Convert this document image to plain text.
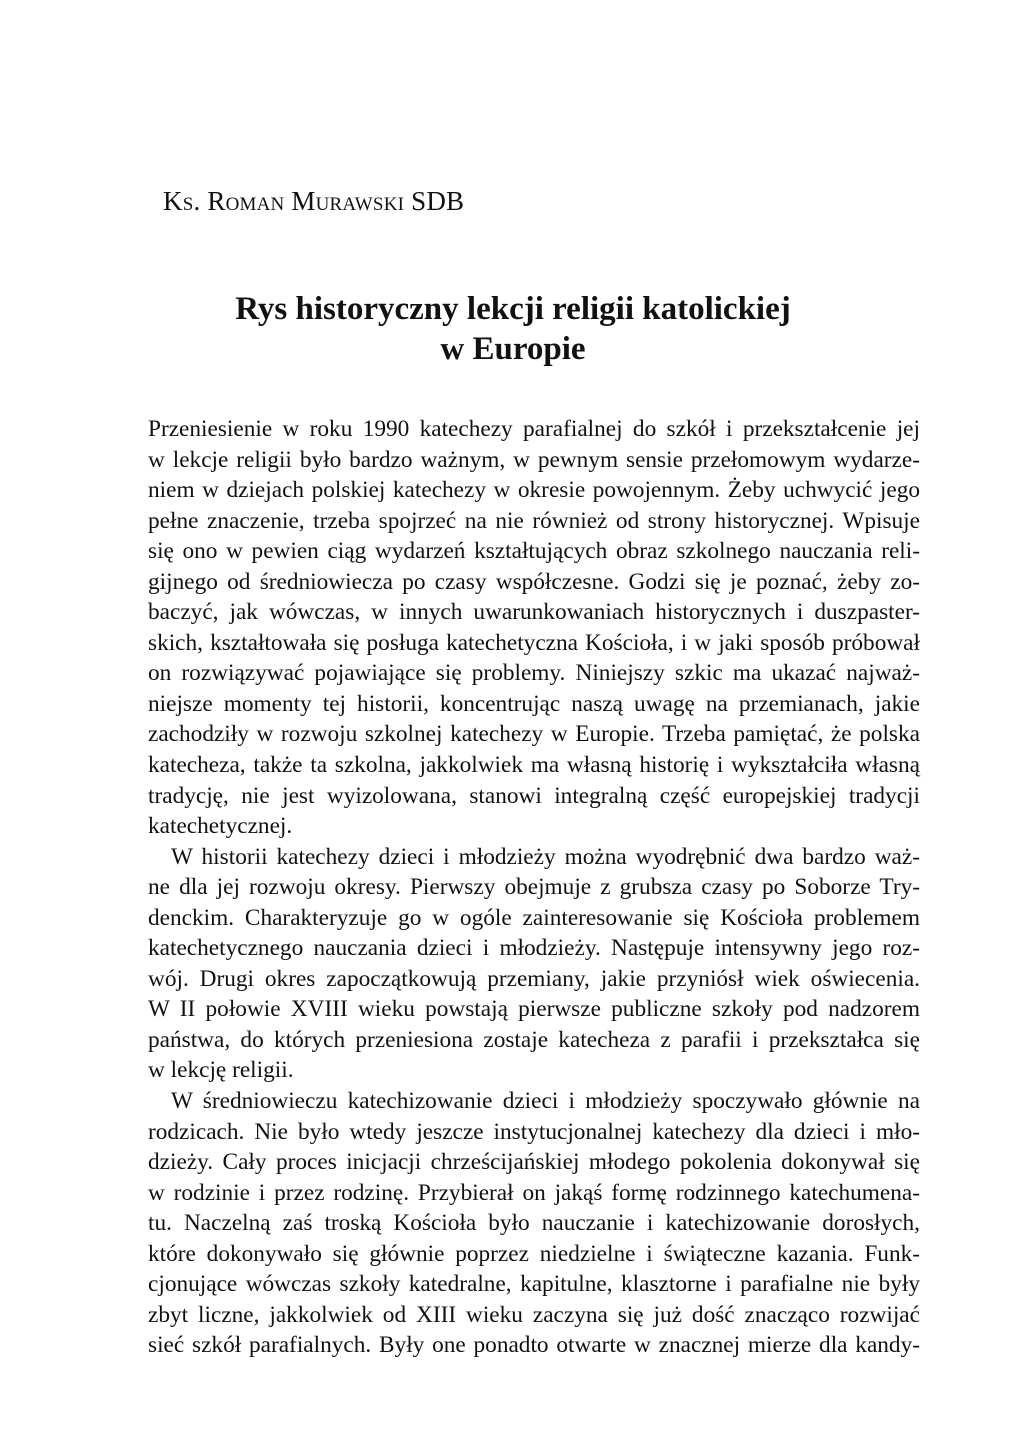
Ks. Roman Murawski SDB
Rys historyczny lekcji religii katolickiej
w Europie
Przeniesienie w roku 1990 katechezy parafialnej do szkół i przekształcenie jej
w lekcje religii było bardzo ważnym, w pewnym sensie przełomowym wydarze-
niem w dziejach polskiej katechezy w okresie powojennym. Żeby uchwycić jego
pełne znaczenie, trzeba spojrzeć na nie również od strony historycznej. Wpisuje
się ono w pewien ciąg wydarzeń kształtujących obraz szkolnego nauczania reli-
gijnego od średniowiecza po czasy współczesne. Godzi się je poznać, żeby zo-
baczyć, jak wówczas, w innych uwarunkowaniach historycznych i duszpaster-
skich, kształtowała się posługa katechetyczna Kościoła, i w jaki sposób próbował
on rozwiązywać pojawiające się problemy. Niniejszy szkic ma ukazać najważ-
niejsze momenty tej historii, koncentrując naszą uwagę na przemianach, jakie
zachodziły w rozwoju szkolnej katechezy w Europie. Trzeba pamiętać, że polska
katecheza, także ta szkolna, jakkolwiek ma własną historię i wykształciła własną
tradycję, nie jest wyizolowana, stanowi integralną część europejskiej tradycji
katechetycznej.
W historii katechezy dzieci i młodzieży można wyodrębnić dwa bardzo waż-
ne dla jej rozwoju okresy. Pierwszy obejmuje z grubsza czasy po Soborze Try-
denckim. Charakteryzuje go w ogóle zainteresowanie się Kościoła problemem
katechetycznego nauczania dzieci i młodzieży. Następuje intensywny jego roz-
wój. Drugi okres zapoczątkowują przemiany, jakie przyniósł wiek oświecenia.
W II połowie XVIII wieku powstają pierwsze publiczne szkoły pod nadzorem
państwa, do których przeniesiona zostaje katecheza z parafii i przekształca się
w lekcję religii.
W średniowieczu katechizowanie dzieci i młodzieży spoczywało głównie na
rodzicach. Nie było wtedy jeszcze instytucjonalnej katechezy dla dzieci i mło-
dzieży. Cały proces inicjacji chrześcijańskiej młodego pokolenia dokonywał się
w rodzinie i przez rodzinę. Przybierał on jakąś formę rodzinnego katechumena-
tu. Naczelną zaś troską Kościoła było nauczanie i katechizowanie dorosłych,
które dokonywało się głównie poprzez niedzielne i świąteczne kazania. Funk-
cjonujące wówczas szkoły katedralne, kapitulne, klasztorne i parafialne nie były
zbyt liczne, jakkolwiek od XIII wieku zaczyna się już dość znacząco rozwijać
sieć szkół parafialnych. Były one ponadto otwarte w znacznej mierze dla kandy-
